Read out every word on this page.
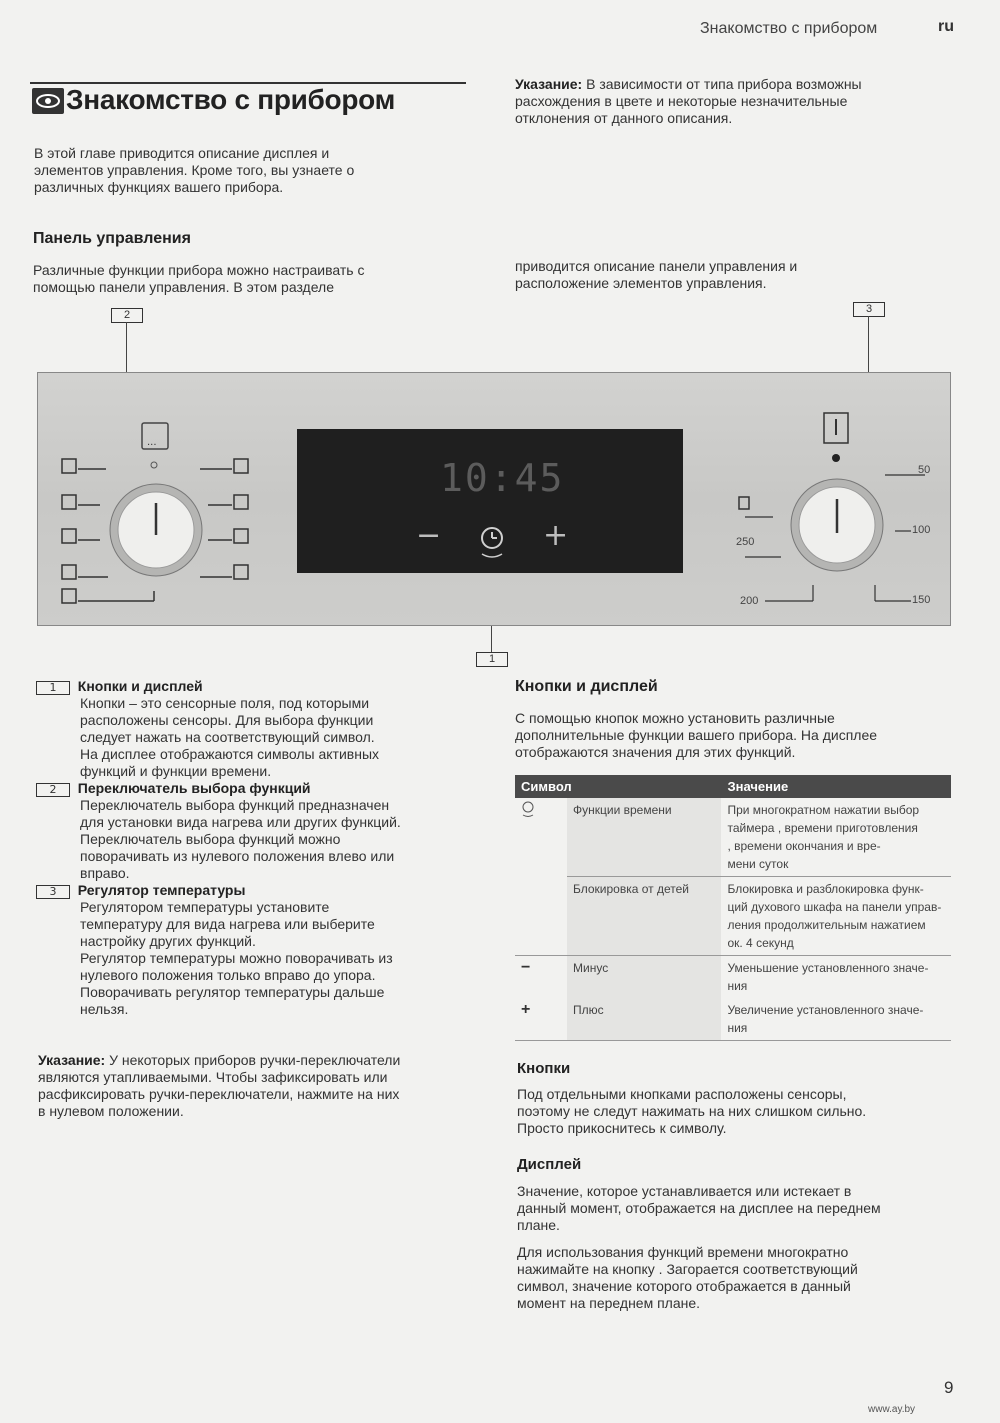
Знакомство с прибором	ru
Знакомство с прибором

В этой главе приводится описание дисплея и

элементов управления. Кроме того, вы узнаете о

различных функциях вашего прибора.

Указание: В зависимости от типа прибора возможны

расхождения в цвете и некоторые незначительные

отклонения от данного описания.

Панель управления

Различные функции прибора можно настраивать с

помощью панели управления. В этом разделе

приводится описание панели управления и

расположение элементов управления.

2	3
1
...
10:45
−	+
50
100
150
200
250

1 Кнопки и дисплей

Кнопки – это сенсорные поля, под которыми

расположены сенсоры. Для выбора функции

следует нажать на соответствующий символ.

На дисплее отображаются символы активных

функций и функции времени.

2 Переключатель выбора функций

Переключатель выбора функций предназначен

для установки вида нагрева или других функций.

Переключатель выбора функций можно

поворачивать из нулевого положения влево или

вправо.

3 Регулятор температуры

Регулятором температуры установите

температуру для вида нагрева или выберите

настройку других функций.

Регулятор температуры можно поворачивать из

нулевого положения только вправо до упора.

Поворачивать регулятор температуры дальше

нельзя.

Указание: У некоторых приборов ручки-переключатели

являются утапливаемыми. Чтобы зафиксировать или

расфиксировать ручки-переключатели, нажмите на них

в нулевом положении.

Кнопки и дисплей

С помощью кнопок можно установить различные

дополнительные функции вашего прибора. На дисплее

отображаются значения для этих функций.

Символ		Значение
	Функции времени	При многократном нажатии выбор
таймера , времени приготовления
, времени окончания и вре-
мени суток

	Блокировка от детей	Блокировка и разблокировка функ-
ций духового шкафа на панели управ-
ления продолжительным нажатием
ок. 4 секунд

−	Минус	Уменьшение установленного значе-
ния

+	Плюс	Увеличение установленного значе-
ния
Кнопки

Под отдельными кнопками расположены сенсоры,

поэтому не следут нажимать на них слишком сильно.

Просто прикоснитесь к символу.

Дисплей

Значение, которое устанавливается или истекает в

данный момент, отображается на дисплее на переднем

плане.

Для использования функций времени многократно

нажимайте на кнопку . Загорается соответствующий

символ, значение которого отображается в данный

момент на переднем плане.

9
www.ay.by
